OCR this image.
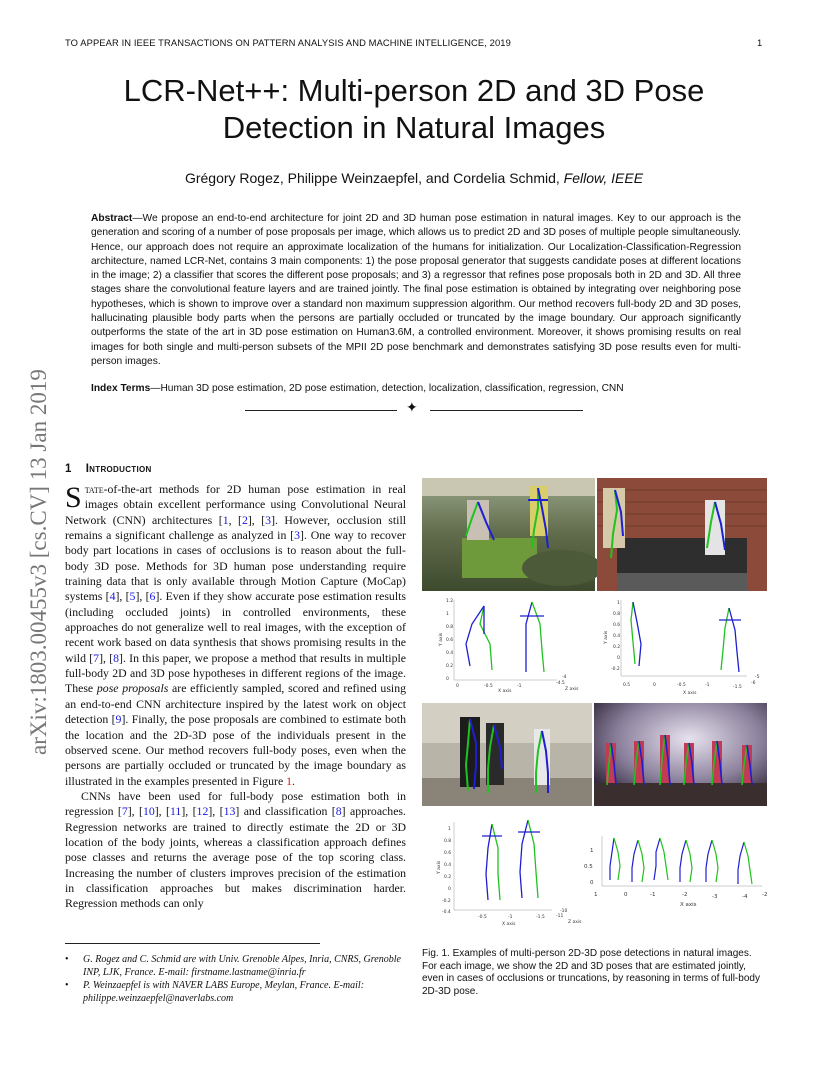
TO APPEAR IN IEEE TRANSACTIONS ON PATTERN ANALYSIS AND MACHINE INTELLIGENCE, 2019	1
LCR-Net++: Multi-person 2D and 3D Pose
Detection in Natural Images
Grégory Rogez, Philippe Weinzaepfel, and Cordelia Schmid, Fellow, IEEE

Abstract—We propose an end-to-end architecture for joint 2D and 3D human pose estimation in natural images. Key to our approach is the generation and scoring of a number of pose proposals per image, which allows us to predict 2D and 3D poses of multiple people simultaneously. Hence, our approach does not require an approximate localization of the humans for initialization. Our Localization-Classification-Regression architecture, named LCR-Net, contains 3 main components: 1) the pose proposal generator that suggests candidate poses at different locations in the image; 2) a classifier that scores the different pose proposals; and 3) a regressor that refines pose proposals both in 2D and 3D. All three stages share the convolutional feature layers and are trained jointly. The final pose estimation is obtained by integrating over neighboring pose hypotheses, which is shown to improve over a standard non maximum suppression algorithm. Our method recovers full-body 2D and 3D poses, hallucinating plausible body parts when the persons are partially occluded or truncated by the image boundary. Our approach significantly outperforms the state of the art in 3D pose estimation on Human3.6M, a controlled environment. Moreover, it shows promising results on real images for both single and multi-person subsets of the MPII 2D pose benchmark and demonstrates satisfying 3D pose results even for multi-person images.

Index Terms—Human 3D pose estimation, 2D pose estimation, detection, localization, classification, regression, CNN

✦
arXiv:1803.00455v3 [cs.CV] 13 Jan 2019 1 Introduction

State-of-the-art methods for 2D human pose estimation in real images obtain excellent performance using Convolutional Neural Network (CNN) architectures [1, [2], [3]. However, occlusion still remains a significant challenge as analyzed in [3]. One way to recover body part locations in cases of occlusions is to reason about the full-body 3D pose. Methods for 3D human pose understanding require training data that is only available through Motion Capture (MoCap) systems [4], [5], [6]. Even if they show accurate pose estimation results (including occluded joints) in controlled environments, these approaches do not generalize well to real images, with the exception of recent work based on data synthesis that shows promising results in the wild [7], [8]. In this paper, we propose a method that results in multiple full-body 2D and 3D pose hypotheses in different regions of the image. These pose proposals are efficiently sampled, scored and refined using an end-to-end CNN architecture inspired by the latest work on object detection [9]. Finally, the pose proposals are combined to estimate both the location and the 2D-3D pose of the individuals present in the observed scene. Our method recovers full-body poses, even when the persons are partially occluded or truncated by the image boundary as illustrated in the examples presented in Figure 1.

CNNs have been used for full-body pose estimation both in regression [7], [10], [11], [12], [13] and classification [8] approaches. Regression networks are trained to directly estimate the 2D or 3D location of the body joints, whereas a classification approach defines pose classes and returns the average pose of the top scoring class. Increasing the number of clusters improves precision of the estimation in classification approaches but makes discrimination harder. Regression methods can only

• G. Rogez and C. Schmid are with Univ. Grenoble Alpes, Inria, CNRS, Grenoble INP, LJK, France. E-mail: firstname.lastname@inria.fr
• P. Weinzaepfel is with NAVER LABS Europe, Meylan, France. E-mail: philippe.weinzaepfel@naverlabs.com
1.2
1
0.8
0.6
0.4
0.2
0
0	-0.5	-1
-4
-4.5
X axis	Z axis
Y axis
1
0.8
0.6
0.4
0.2
0
-0.2
0.5	0	-0.5	-1	-1.5
-5
-6
X axis
Y axis
1
0.8
0.6
0.4
0.2
0
-0.2
-0.4
-0.5	-1	-1.5
-10
-11
X axis	Z axis
Y axis
1
0.5
0
1	0	-1	-2	-3	-4	-2
X axis
Fig. 1. Examples of multi-person 2D-3D pose detections in natural images. For each image, we show the 2D and 3D poses that are estimated jointly, even in cases of occlusions or truncations, by reasoning in terms of full-body 2D-3D pose.
